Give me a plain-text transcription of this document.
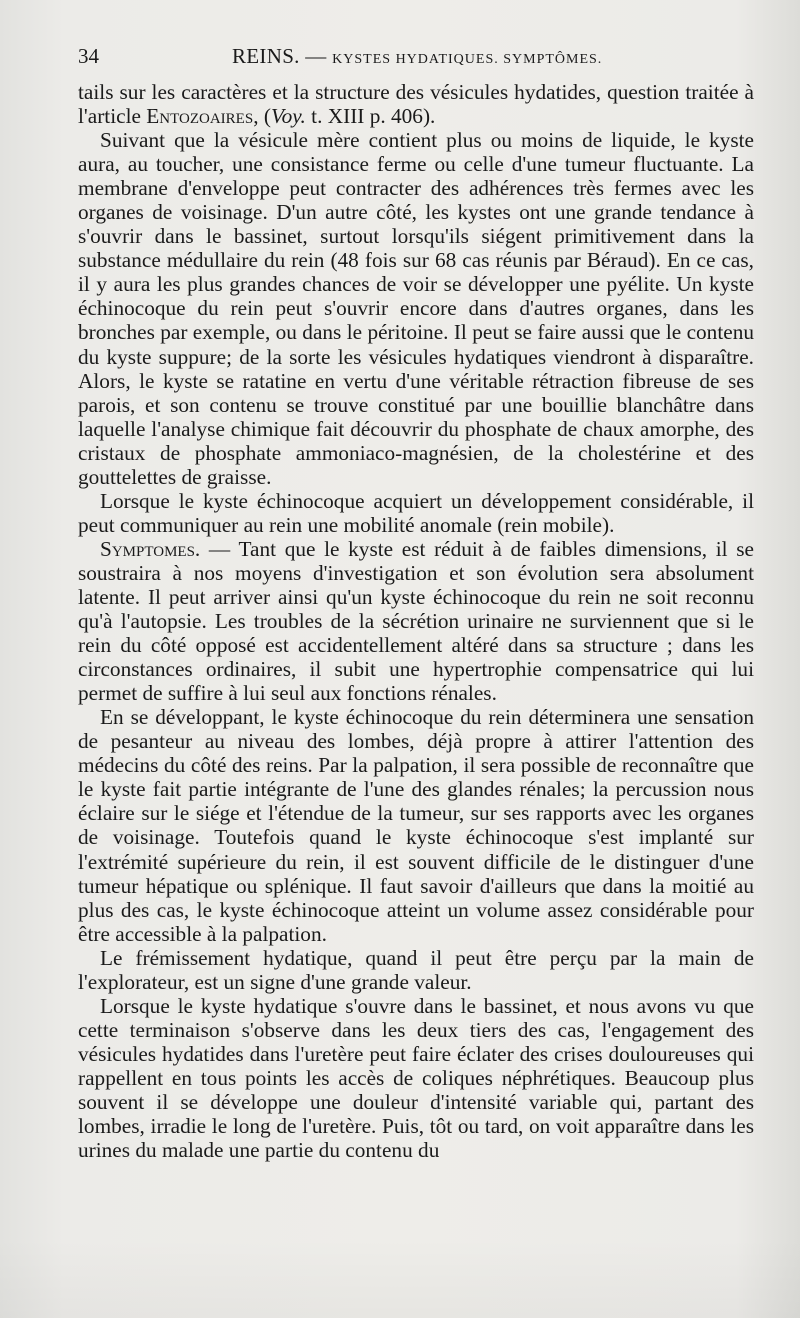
34	REINS. — KYSTES HYDATIQUES. SYMPTÔMES.

tails sur les caractères et la structure des vésicules hydatides, question traitée à l'article Entozoaires, (Voy. t. XIII p. 406).

Suivant que la vésicule mère contient plus ou moins de liquide, le kyste aura, au toucher, une consistance ferme ou celle d'une tumeur fluctuante. La membrane d'enveloppe peut contracter des adhérences très fermes avec les organes de voisinage. D'un autre côté, les kystes ont une grande tendance à s'ouvrir dans le bassinet, surtout lorsqu'ils siégent primitivement dans la substance médullaire du rein (48 fois sur 68 cas réunis par Béraud). En ce cas, il y aura les plus grandes chances de voir se développer une pyélite. Un kyste échinocoque du rein peut s'ouvrir encore dans d'autres organes, dans les bronches par exemple, ou dans le péritoine. Il peut se faire aussi que le contenu du kyste suppure; de la sorte les vésicules hydatiques viendront à disparaître. Alors, le kyste se ratatine en vertu d'une véritable rétraction fibreuse de ses parois, et son contenu se trouve constitué par une bouillie blanchâtre dans laquelle l'analyse chimique fait découvrir du phosphate de chaux amorphe, des cristaux de phosphate ammoniaco-magnésien, de la cholestérine et des gouttelettes de graisse.

Lorsque le kyste échinocoque acquiert un développement considérable, il peut communiquer au rein une mobilité anomale (rein mobile).

Symptomes. — Tant que le kyste est réduit à de faibles dimensions, il se soustraira à nos moyens d'investigation et son évolution sera absolument latente. Il peut arriver ainsi qu'un kyste échinocoque du rein ne soit reconnu qu'à l'autopsie. Les troubles de la sécrétion urinaire ne surviennent que si le rein du côté opposé est accidentellement altéré dans sa structure ; dans les circonstances ordinaires, il subit une hypertrophie compensatrice qui lui permet de suffire à lui seul aux fonctions rénales.

En se développant, le kyste échinocoque du rein déterminera une sensation de pesanteur au niveau des lombes, déjà propre à attirer l'attention des médecins du côté des reins. Par la palpation, il sera possible de reconnaître que le kyste fait partie intégrante de l'une des glandes rénales; la percussion nous éclaire sur le siége et l'étendue de la tumeur, sur ses rapports avec les organes de voisinage. Toutefois quand le kyste échinocoque s'est implanté sur l'extrémité supérieure du rein, il est souvent difficile de le distinguer d'une tumeur hépatique ou splénique. Il faut savoir d'ailleurs que dans la moitié au plus des cas, le kyste échinocoque atteint un volume assez considérable pour être accessible à la palpation.

Le frémissement hydatique, quand il peut être perçu par la main de l'explorateur, est un signe d'une grande valeur.

Lorsque le kyste hydatique s'ouvre dans le bassinet, et nous avons vu que cette terminaison s'observe dans les deux tiers des cas, l'engagement des vésicules hydatides dans l'uretère peut faire éclater des crises douloureuses qui rappellent en tous points les accès de coliques néphrétiques. Beaucoup plus souvent il se développe une douleur d'intensité variable qui, partant des lombes, irradie le long de l'uretère. Puis, tôt ou tard, on voit apparaître dans les urines du malade une partie du contenu du
